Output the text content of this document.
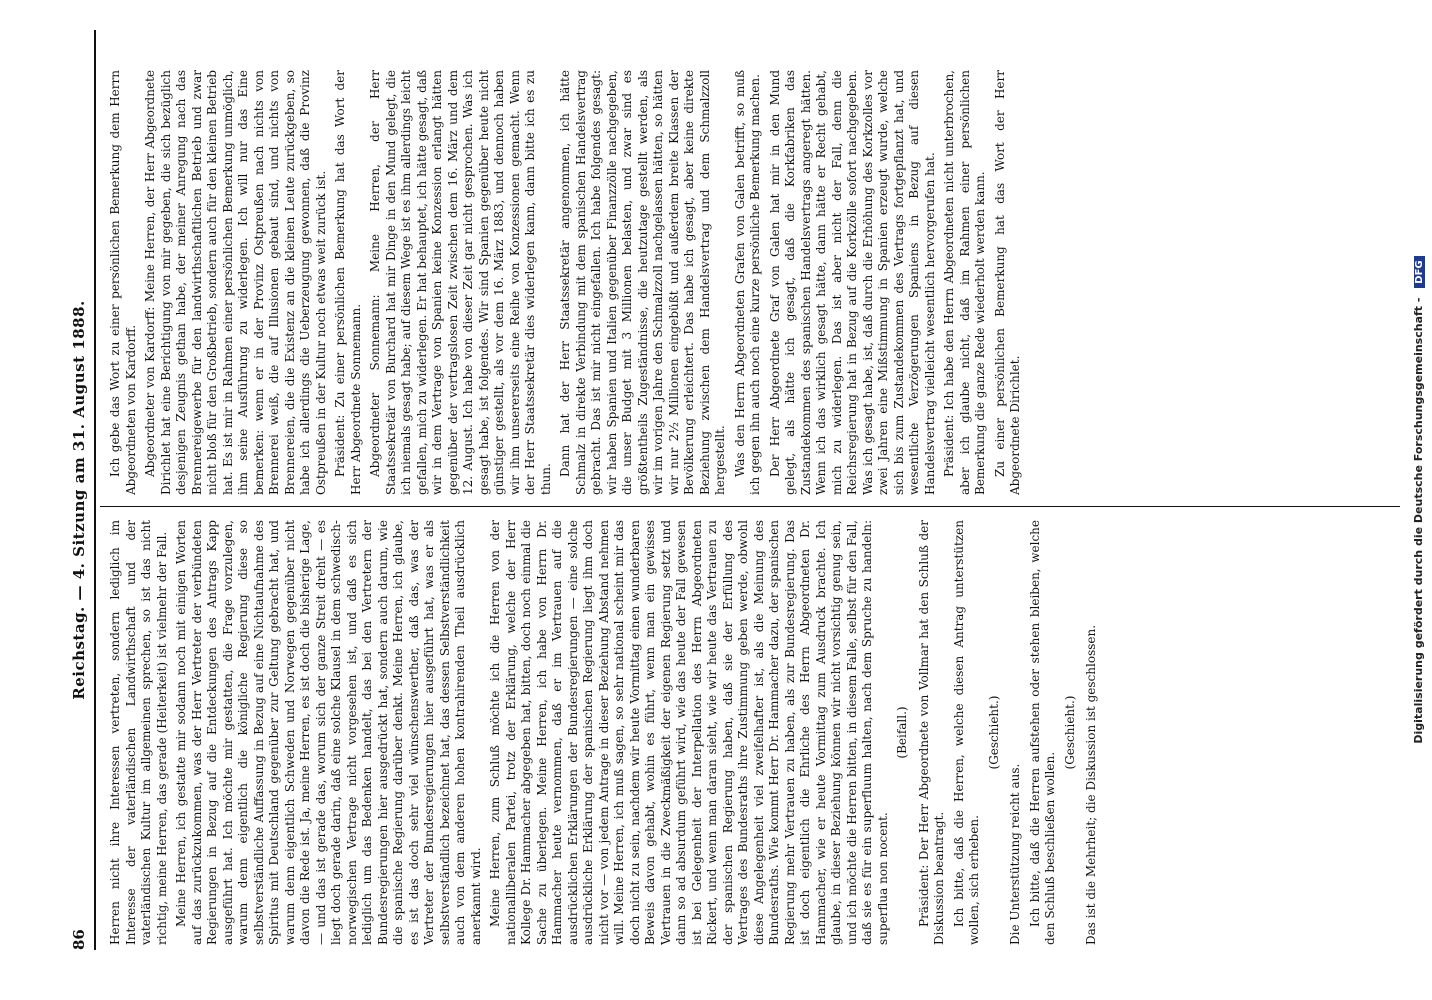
86
Reichstag. — 4. Sitzung am 31. August 1888.

Herren nicht ihre Interessen vertreten, sondern lediglich im Interesse der vaterländischen Landwirthschaft und der vaterländischen Kultur im allgemeinen sprechen, so ist das nicht richtig, meine Herren, das gerade (Heiterkeit) ist vielmehr der Fall. Meine Herren, ich gestatte mir sodann noch mit einigen Worten auf das zurückzukommen, was der Herr Vertreter der verbündeten Regierungen in Bezug auf die Entdeckungen des Antrags Kapp ausgeführt hat. Ich möchte mir gestatten, die Frage vorzulegen, warum denn eigentlich die königliche Regierung diese so selbstverständliche Auffassung in Bezug auf eine Nichtaufnahme des Spiritus mit Deutschland gegenüber zur Geltung gebracht hat, und warum denn eigentlich Schweden und Norwegen gegenüber nicht davon die Rede ist. Ja, meine Herren, es ist doch die bisherige Lage, — und das ist gerade das, worum sich der ganze Streit dreht — es liegt doch gerade darin, daß eine solche Klausel in dem schwedisch-norwegischen Vertrage nicht vorgesehen ist, und daß es sich lediglich um das Bedenken handelt, das bei den Vertretern der Bundesregierungen hier ausgedrückt hat, sondern auch darum, wie die spanische Regierung darüber denkt. Meine Herren, ich glaube, es ist das doch sehr viel wünschenswerther, daß das, was der Vertreter der Bundesregierungen hier ausgeführt hat, was er als selbstverständlich bezeichnet hat, das dessen Selbstverständlichkeit auch von dem anderen hohen kontrahirenden Theil ausdrücklich anerkannt wird. Meine Herren, zum Schluß möchte ich die Herren von der nationalliberalen Partei, trotz der Erklärung, welche der Herr Kollege Dr. Hammacher abgegeben hat, bitten, doch noch einmal die Sache zu überlegen. Meine Herren, ich habe von Herrn Dr. Hammacher heute vernommen, daß er im Vertrauen auf die ausdrücklichen Erklärungen der Bundesregierungen — eine solche ausdrückliche Erklärung der spanischen Regierung liegt ihm doch nicht vor — von jedem Antrage in dieser Beziehung Abstand nehmen will. Meine Herren, ich muß sagen, so sehr national scheint mir das doch nicht zu sein, nachdem wir heute Vormittag einen wunderbaren Beweis davon gehabt, wohin es führt, wenn man ein gewisses Vertrauen in die Zweckmäßigkeit der eigenen Regierung setzt und dann so ad absurdum geführt wird, wie das heute der Fall gewesen ist bei Gelegenheit der Interpellation des Herrn Abgeordneten Rickert, und wenn man daran sieht, wie wir heute das Vertrauen zu der spanischen Regierung haben, daß sie der Erfüllung des Vertrages des Bundesraths ihre Zustimmung geben werde, obwohl diese Angelegenheit viel zweifelhafter ist, als die Meinung des Bundesraths. Wie kommt Herr Dr. Hammacher dazu, der spanischen Regierung mehr Vertrauen zu haben, als zur Bundesregierung. Das ist doch eigentlich die Ehrliche des Herrn Abgeordneten Dr. Hammacher, wie er heute Vormittag zum Ausdruck brachte. Ich glaube, in dieser Beziehung können wir nicht vorsichtig genug sein, und ich möchte die Herren bitten, in diesem Falle, selbst für den Fall, daß sie es für ein superfluum halten, nach dem Spruche zu handeln: superflua non nocent.

(Beifall.) Präsident: Der Herr Abgeordnete von Vollmar hat den Schluß der Diskussion beantragt. Ich bitte, daß die Herren, welche diesen Antrag unterstützen wollen, sich erheben.

(Geschieht.)

Die Unterstützung reicht aus. Ich bitte, daß die Herren aufstehen oder stehen bleiben, welche den Schluß beschließen wollen.

(Geschieht.) Das ist die Mehrheit; die Diskussion ist geschlossen.

Ich gebe das Wort zu einer persönlichen Bemerkung dem Herrn Abgeordneten von Kardorff. Abgeordneter von Kardorff: Meine Herren, der Herr Abgeordnete Dirichlet hat eine Berichtigung von mir gegeben, die sich bezüglich desjenigen Zeugnis gethan habe, der meiner Anregung nach das Brennereigewerbe für den landwirthschaftlichen Betrieb und zwar nicht bloß für den Großbetrieb, sondern auch für den kleinen Betrieb hat. Es ist mir in Rahmen einer persönlichen Bemerkung unmöglich, ihm seine Ausführung zu widerlegen. Ich will nur das Eine bemerken: wenn er in der Provinz Ostpreußen nach nichts von Brennerei weiß, die auf Illusionen gebaut sind, und nichts von Brennereien, die die Existenz an die kleinen Leute zurückgeben, so habe ich allerdings die Ueberzeugung gewonnen, daß die Provinz Ostpreußen in der Kultur noch etwas weit zurück ist. Präsident: Zu einer persönlichen Bemerkung hat das Wort der Herr Abgeordnete Sonnemann. Abgeordneter Sonnemann: Meine Herren, der Herr Staatssekretär von Burchard hat mir Dinge in den Mund gelegt, die ich niemals gesagt habe; auf diesem Wege ist es ihm allerdings leicht gefallen, mich zu widerlegen. Er hat behauptet, ich hätte gesagt, daß wir in dem Vertrage von Spanien keine Konzession erlangt hätten gegenüber der vertragslosen Zeit zwischen dem 16. März und dem 12. August. Ich habe von dieser Zeit gar nicht gesprochen. Was ich gesagt habe, ist folgendes. Wir sind Spanien gegenüber heute nicht günstiger gestellt, als vor dem 16. März 1883, und dennoch haben wir ihm unsererseits eine Reihe von Konzessionen gemacht. Wenn der Herr Staatssekretär dies widerlegen kann, dann bitte ich es zu thun.

Dann hat der Herr Staatssekretär angenommen, ich hätte Schmalz in direkte Verbindung mit dem spanischen Handelsvertrag gebracht. Das ist mir nicht eingefallen. Ich habe folgendes gesagt: wir haben Spanien und Italien gegenüber Finanzzölle nachgegeben, die unser Budget mit 3 Millionen belasten, und zwar sind es größtentheils Zugeständnisse, die heutzutage gestellt werden, als wir im vorigen Jahre den Schmalzzoll nachgelassen hätten, so hätten wir nur 2½ Millionen eingebüßt und außerdem breite Klassen der Bevölkerung erleichtert. Das habe ich gesagt, aber keine direkte Beziehung zwischen dem Handelsvertrag und dem Schmalzzoll hergestellt. Was den Herrn Abgeordneten Grafen von Galen betrifft, so muß ich gegen ihn auch noch eine kurze persönliche Bemerkung machen. Der Herr Abgeordnete Graf von Galen hat mir in den Mund gelegt, als hätte ich gesagt, daß die Korkfabriken das Zustandekommen des spanischen Handelsvertrags angeregt hätten. Wenn ich das wirklich gesagt hätte, dann hätte er Recht gehabt, mich zu widerlegen. Das ist aber nicht der Fall, denn die Reichsregierung hat in Bezug auf die Korkzölle sofort nachgegeben. Was ich gesagt habe, ist, daß durch die Erhöhung des Korkzolles vor zwei Jahren eine Mißstimmung in Spanien erzeugt wurde, welche sich bis zum Zustandekommen des Vertrags fortgepflanzt hat, und wesentliche Verzögerungen Spaniens in Bezug auf diesen Handelsvertrag vielleicht wesentlich hervorgerufen hat. Präsident: Ich habe den Herrn Abgeordneten nicht unterbrochen, aber ich glaube nicht, daß im Rahmen einer persönlichen Bemerkung die ganze Rede wiederholt werden kann. Zu einer persönlichen Bemerkung hat das Wort der Herr Abgeordnete Dirichlet.	Digitalisierung gefördert durch die Deutsche Forschungsgemeinschaft - DFG
